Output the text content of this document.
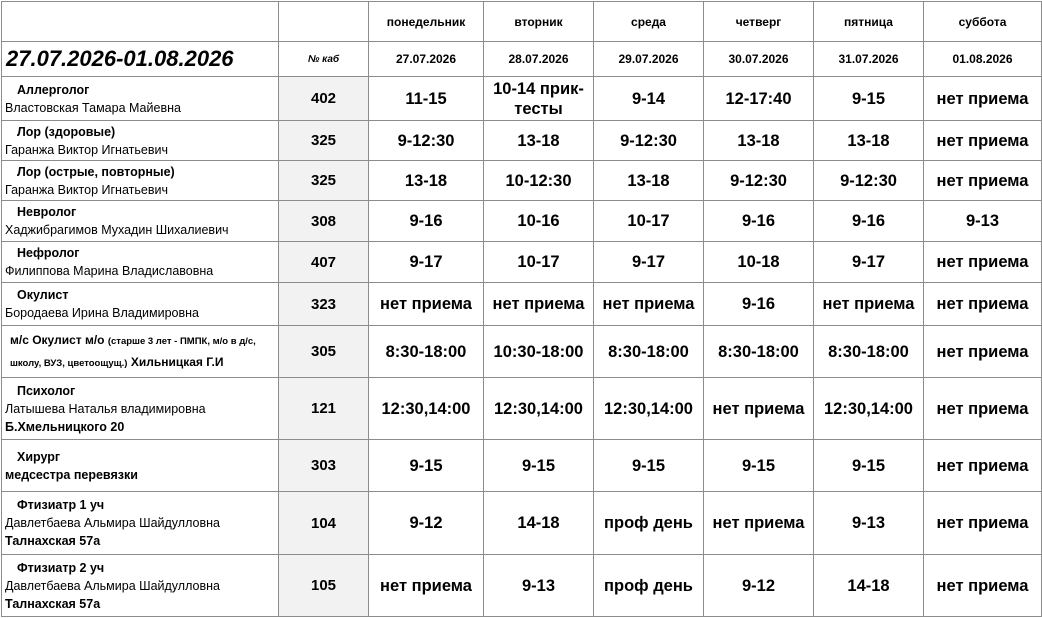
		понедельник	вторник	среда	четверг	пятница	суббота
27.07.2026-01.08.2026	№ каб	27.07.2026	28.07.2026	29.07.2026	30.07.2026	31.07.2026	01.08.2026

Аллерголог
Властовская Тамара Майевна	402	11-15	10-14 прик-тесты	9-14	12-17:40	9-15	нет приема

Лор (здоровые)
Гаранжа Виктор Игнатьевич	325	9-12:30	13-18	9-12:30	13-18	13-18	нет приема

Лор (острые, повторные)
Гаранжа Виктор Игнатьевич	325	13-18	10-12:30	13-18	9-12:30	9-12:30	нет приема

Невролог
Хаджибрагимов Мухадин Шихалиевич	308	9-16	10-16	10-17	9-16	9-16	9-13

Нефролог
Филиппова Марина Владиславовна	407	9-17	10-17	9-17	10-18	9-17	нет приема

Окулист
Бородаева Ирина Владимировна	323	нет приема	нет приема	нет приема	9-16	нет приема	нет приема
м/с Окулист м/о (старше 3 лет - ПМПК, м/о в д/с, школу, ВУЗ, цветоощущ.) Хильницкая Г.И	305	8:30-18:00	10:30-18:00	8:30-18:00	8:30-18:00	8:30-18:00	нет приема

Психолог
Латышева Наталья владимировна
Б.Хмельницкого 20	121	12:30,14:00	12:30,14:00	12:30,14:00	нет приема	12:30,14:00	нет приема

Хирург
медсестра перевязки	303	9-15	9-15	9-15	9-15	9-15	нет приема

Фтизиатр 1 уч
Давлетбаева Альмира Шайдулловна
Талнахская 57а	104	9-12	14-18	проф день	нет приема	9-13	нет приема

Фтизиатр 2 уч
Давлетбаева Альмира Шайдулловна
Талнахская 57а	105	нет приема	9-13	проф день	9-12	14-18	нет приема
